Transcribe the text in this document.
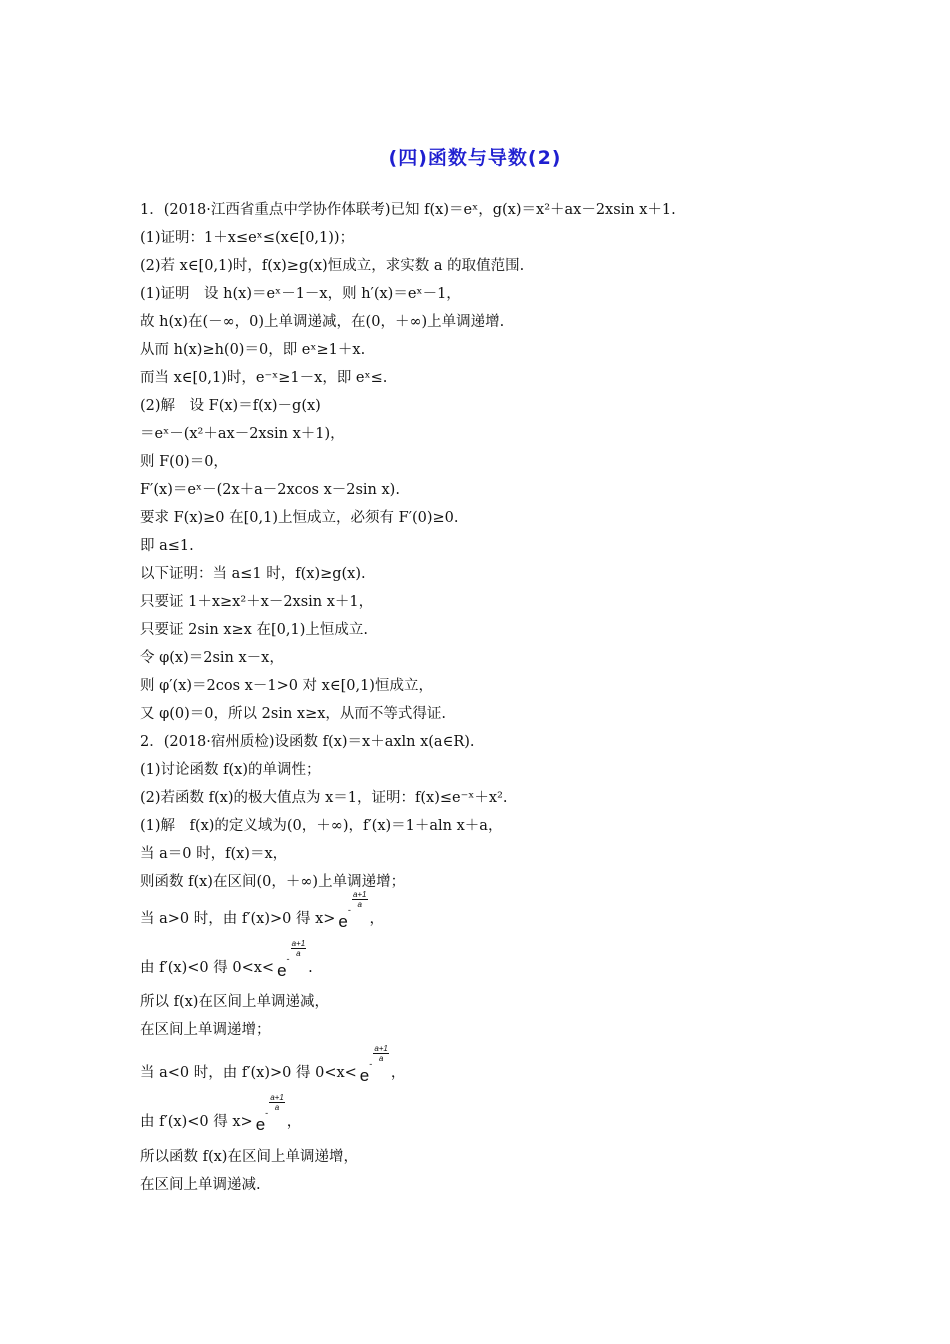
(四)函数与导数(2)
1．(2018·江西省重点中学协作体联考)已知 f(x)＝eˣ，g(x)＝x²＋ax－2xsin x＋1.
(1)证明：1＋x≤eˣ≤(x∈[0,1))；
(2)若 x∈[0,1)时，f(x)≥g(x)恒成立，求实数 a 的取值范围.
(1)证明　设 h(x)＝eˣ－1－x，则 h′(x)＝eˣ－1，
故 h(x)在(－∞，0)上单调递减，在(0，＋∞)上单调递增.
从而 h(x)≥h(0)＝0，即 eˣ≥1＋x.
而当 x∈[0,1)时，e⁻ˣ≥1－x，即 eˣ≤.
(2)解　设 F(x)＝f(x)－g(x)
＝eˣ－(x²＋ax－2xsin x＋1)，
则 F(0)＝0，
F′(x)＝eˣ－(2x＋a－2xcos x－2sin x).
要求 F(x)≥0 在[0,1)上恒成立，必须有 F′(0)≥0.
即 a≤1.
以下证明：当 a≤1 时，f(x)≥g(x).
只要证 1＋x≥x²＋x－2xsin x＋1，
只要证 2sin x≥x 在[0,1)上恒成立.
令 φ(x)＝2sin x－x，
则 φ′(x)＝2cos x－1>0 对 x∈[0,1)恒成立，
又 φ(0)＝0，所以 2sin x≥x，从而不等式得证.
2．(2018·宿州质检)设函数 f(x)＝x＋axln x(a∈R).
(1)讨论函数 f(x)的单调性；
(2)若函数 f(x)的极大值点为 x＝1，证明：f(x)≤e⁻ˣ＋x².
(1)解　f(x)的定义域为(0，＋∞)，f′(x)＝1＋aln x＋a，
当 a＝0 时，f(x)＝x，
则函数 f(x)在区间(0，＋∞)上单调递增；
当 a>0 时，由 f′(x)>0 得 x> e-
$\frac{a+1}{a}$
，
由 f′(x)<0 得 0<x< e-
$\frac{a+1}{a}$
.
所以 f(x)在区间上单调递减，
在区间上单调递增；
当 a<0 时，由 f′(x)>0 得 0<x< e-
$\frac{a+1}{a}$
，
由 f′(x)<0 得 x> e-
$\frac{a+1}{a}$
，
所以函数 f(x)在区间上单调递增，
在区间上单调递减.
